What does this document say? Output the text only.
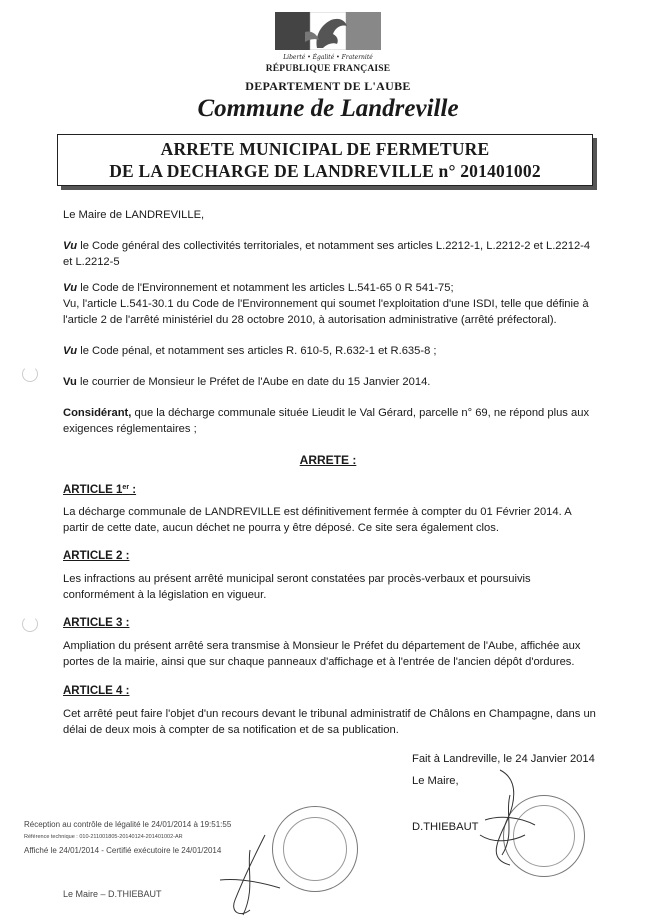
Liberté • Égalité • Fraternité
RÉPUBLIQUE FRANÇAISE
DEPARTEMENT DE L'AUBE
Commune de Landreville
ARRETE MUNICIPAL DE FERMETURE
DE LA DECHARGE DE LANDREVILLE n° 201401002
Le Maire de LANDREVILLE,
Vu le Code général des collectivités territoriales, et notamment ses articles L.2212-1, L.2212-2 et L.2212-4 et L.2212-5
Vu le Code de l'Environnement et notamment les articles L.541-65 0 R 541-75;
Vu, l'article L.541-30.1 du Code de l'Environnement qui soumet l'exploitation d'une ISDI, telle que définie à l'article 2 de l'arrêté ministériel du 28 octobre 2010, à autorisation administrative (arrêté préfectoral).
Vu le Code pénal, et notamment ses articles R. 610-5, R.632-1 et R.635-8 ;
Vu le courrier de Monsieur le Préfet de l'Aube en date du 15 Janvier 2014.
Considérant, que la décharge communale située Lieudit le Val Gérard, parcelle n° 69, ne répond plus aux exigences réglementaires ;
ARRETE :
ARTICLE 1er :
La décharge communale de LANDREVILLE est définitivement fermée à compter du 01 Février 2014. A partir de cette date, aucun déchet ne pourra y être déposé. Ce site sera également clos.
ARTICLE 2 :
Les infractions au présent arrêté municipal seront constatées par procès-verbaux et poursuivis conformément à la législation en vigueur.
ARTICLE 3 :
Ampliation du présent arrêté sera transmise à Monsieur le Préfet du département de l'Aube, affichée aux portes de la mairie, ainsi que sur chaque panneaux d'affichage et à l'entrée de l'ancien dépôt d'ordures.
ARTICLE 4 :
Cet arrêté peut faire l'objet d'un recours devant le tribunal administratif de Châlons en Champagne, dans un délai de deux mois à compter de sa notification et de sa publication.
Fait à Landreville, le 24 Janvier 2014
Le Maire,
D.THIEBAUT
Réception au contrôle de légalité le 24/01/2014 à 19:51:55
Référence technique : 010-211001805-20140124-201401002-AR
Affiché le 24/01/2014 - Certifié exécutoire le 24/01/2014
Le Maire – D.THIEBAUT
